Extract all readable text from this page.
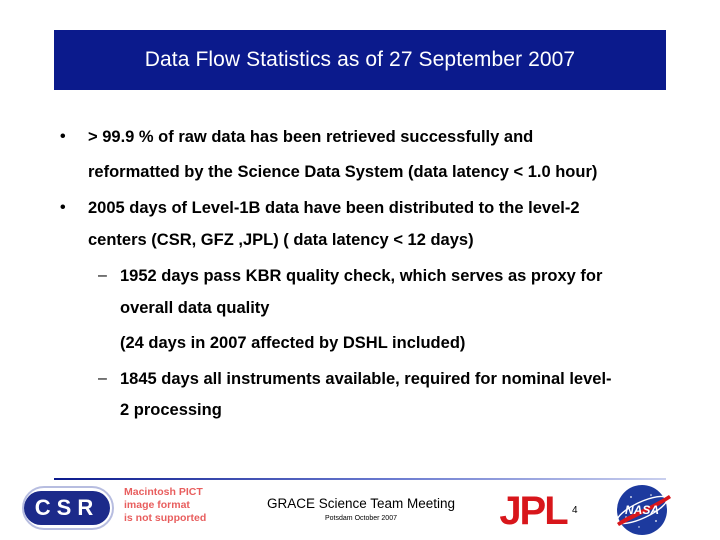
Data Flow Statistics as of 27 September 2007
• > 99.9 % of raw data has been retrieved successfully and
reformatted by the Science Data System (data latency < 1.0 hour)
• 2005 days of Level-1B data have been distributed to the level-2
centers (CSR, GFZ ,JPL) ( data latency < 12 days)
– 1952 days pass KBR quality check, which serves as proxy for
overall data quality
(24 days in 2007 affected by DSHL included)
– 1845 days all instruments available, required for nominal level-
2 processing
CSR
Macintosh PICT
image format
is not supported
GRACE Science Team Meeting
Potsdam October 2007	JPL 4	NASA
